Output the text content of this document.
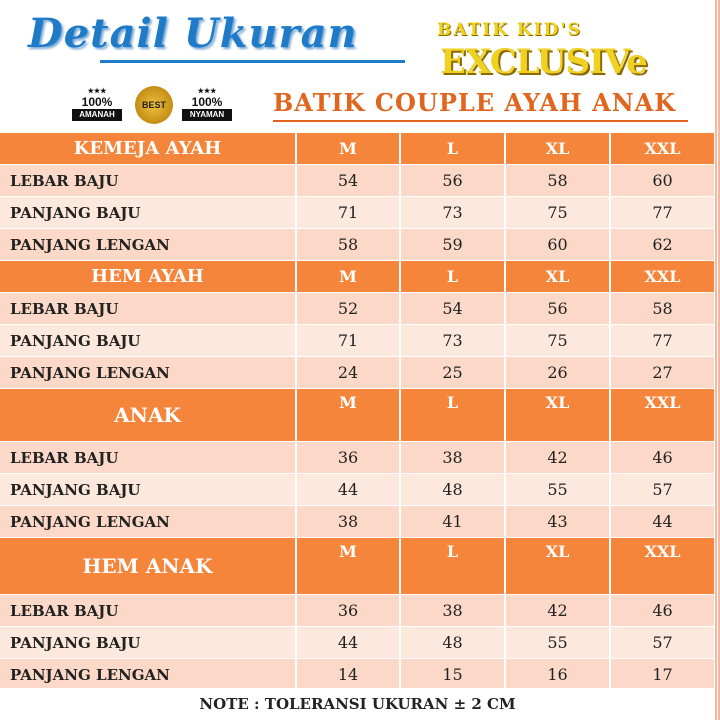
Detail Ukuran
★★★
100%
AMANAH
BEST
★★★
100%
NYAMAN
BATIK KID'S
EXCLUSIVe
BATIK COUPLE AYAH ANAK
KEMEJA AYAH	M	L	XL	XXL
LEBAR BAJU	54	56	58	60
PANJANG BAJU	71	73	75	77
PANJANG LENGAN	58	59	60	62
HEM AYAH	M	L	XL	XXL
LEBAR BAJU	52	54	56	58
PANJANG BAJU	71	73	75	77
PANJANG LENGAN	24	25	26	27
ANAK	M	L	XL	XXL
LEBAR BAJU	36	38	42	46
PANJANG BAJU	44	48	55	57
PANJANG LENGAN	38	41	43	44
HEM ANAK	M	L	XL	XXL
LEBAR BAJU	36	38	42	46
PANJANG BAJU	44	48	55	57
PANJANG LENGAN	14	15	16	17
NOTE : TOLERANSI UKURAN ± 2 CM
